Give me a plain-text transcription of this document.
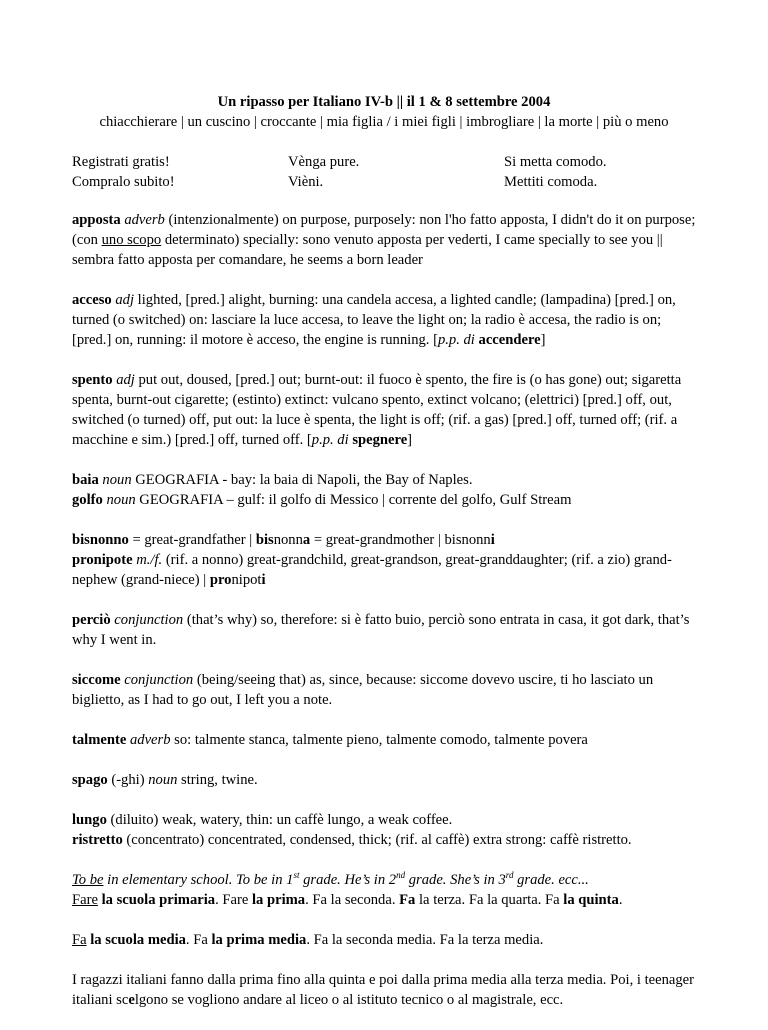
Un ripasso per Italiano IV-b || il 1 & 8 settembre 2004
chiacchierare | un cuscino | croccante | mia figlia / i miei figli | imbrogliare | la morte | più o meno
Registrati gratis!
Compralo subito!
Vènga pure.
Vièni.
Si metta comodo.
Mettiti comoda.

apposta adverb (intenzionalmente) on purpose, purposely: non l'ho fatto apposta, I didn't do it on purpose; (con uno scopo determinato) specially: sono venuto apposta per vederti, I came specially to see you || sembra fatto apposta per comandare, he seems a born leader

acceso adj lighted, [pred.] alight, burning: una candela accesa, a lighted candle; (lampadina) [pred.] on, turned (o switched) on: lasciare la luce accesa, to leave the light on; la radio è accesa, the radio is on; [pred.] on, running: il motore è acceso, the engine is running. [p.p. di accendere]

spento adj put out, doused, [pred.] out; burnt-out: il fuoco è spento, the fire is (o has gone) out; sigaretta spenta, burnt-out cigarette; (estinto) extinct: vulcano spento, extinct volcano; (elettrici) [pred.] off, out, switched (o turned) off, put out: la luce è spenta, the light is off; (rif. a gas) [pred.] off, turned off; (rif. a macchine e sim.) [pred.] off, turned off. [p.p. di spegnere]

baia noun GEOGRAFIA - bay: la baia di Napoli, the Bay of Naples.

golfo noun GEOGRAFIA – gulf: il golfo di Messico | corrente del golfo, Gulf Stream

bisnonno = great-grandfather | bisnonna = great-grandmother | bisnonni

pronipote m./f. (rif. a nonno) great-grandchild, great-grandson, great-granddaughter; (rif. a zio) grand-nephew (grand-niece) | pronipoti

perciò conjunction (that’s why) so, therefore: si è fatto buio, perciò sono entrata in casa, it got dark, that’s why I went in.

siccome conjunction (being/seeing that) as, since, because: siccome dovevo uscire, ti ho lasciato un biglietto, as I had to go out, I left you a note.

talmente adverb so: talmente stanca, talmente pieno, talmente comodo, talmente povera

spago (-ghi) noun string, twine.

lungo (diluito) weak, watery, thin: un caffè lungo, a weak coffee.

ristretto (concentrato) concentrated, condensed, thick; (rif. al caffè) extra strong: caffè ristretto.

To be in elementary school. To be in 1st grade. He’s in 2nd grade. She’s in 3rd grade. ecc...

Fare la scuola primaria. Fare la prima. Fa la seconda. Fa la terza. Fa la quarta. Fa la quinta.

Fa la scuola media. Fa la prima media. Fa la seconda media. Fa la terza media.

I ragazzi italiani fanno dalla prima fino alla quinta e poi dalla prima media alla terza media. Poi, i teenager italiani scelgono se vogliono andare al liceo o al istituto tecnico o al magistrale, ecc.
